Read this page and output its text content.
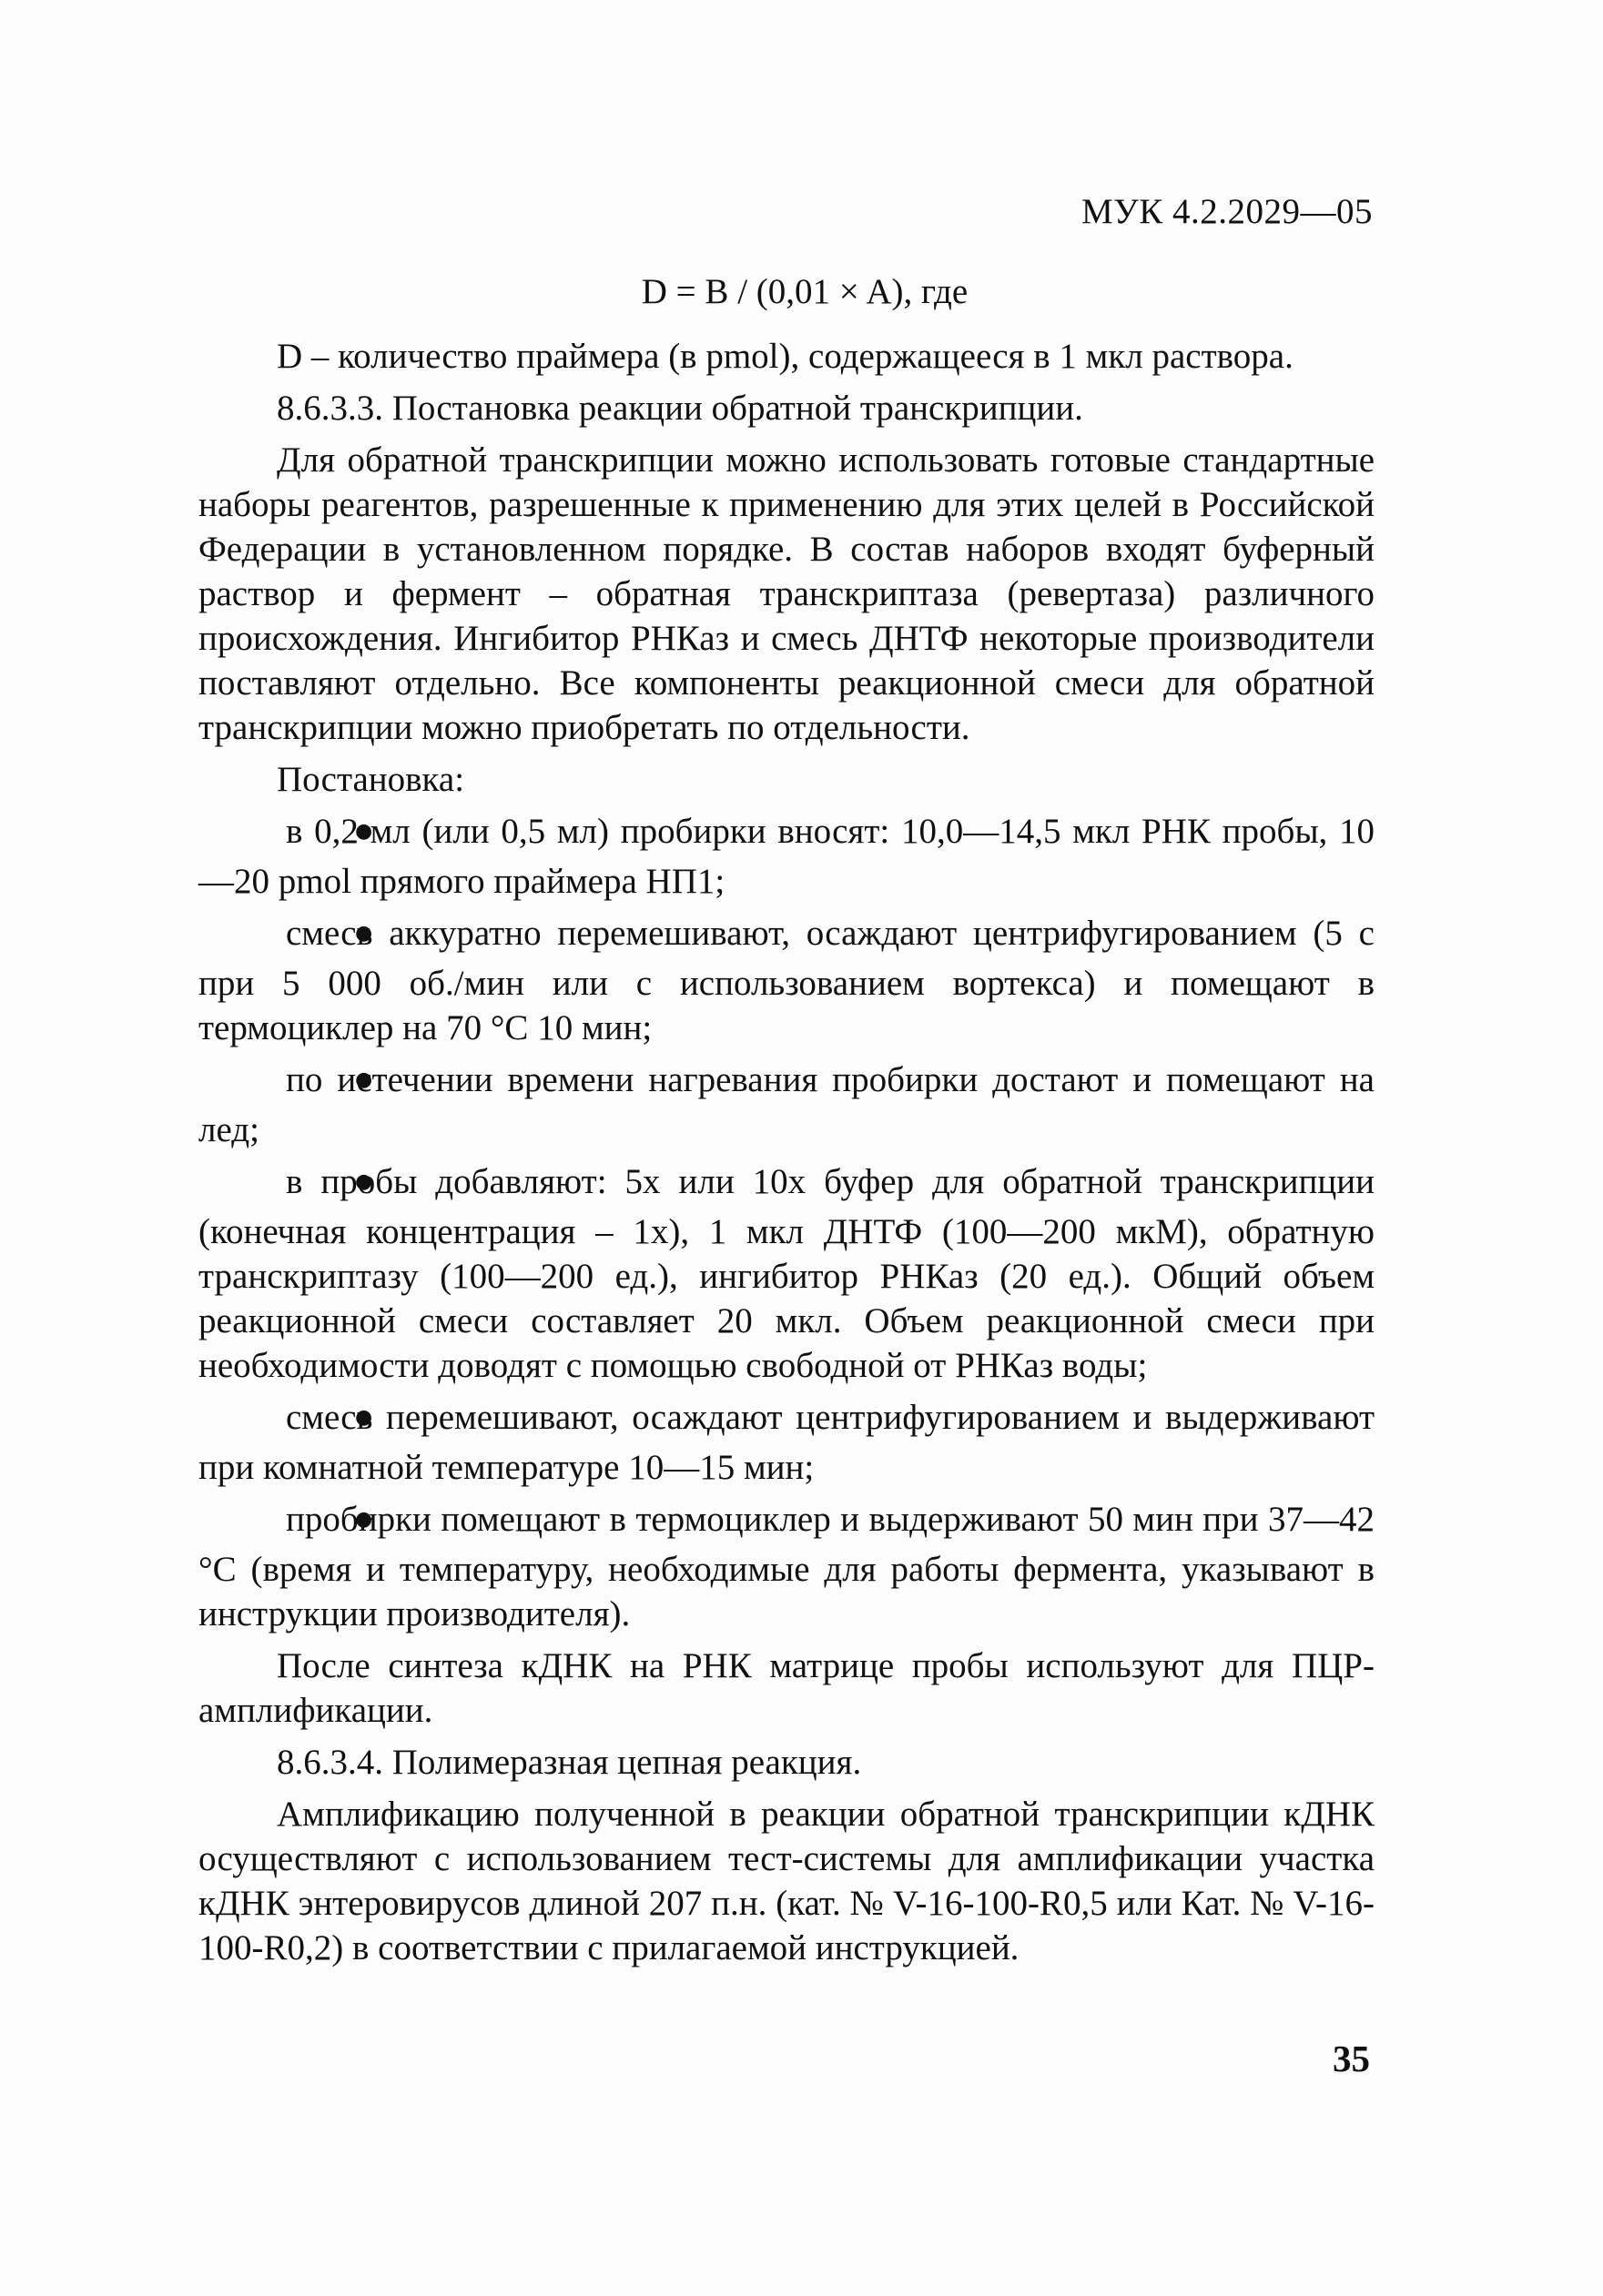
МУК 4.2.2029—05
D = B / (0,01 × A), где

D – количество праймера (в pmol), содержащееся в 1 мкл раствора.

8.6.3.3. Постановка реакции обратной транскрипции.

Для обратной транскрипции можно использовать готовые стандартные наборы реагентов, разрешенные к применению для этих целей в Российской Федерации в установленном порядке. В состав наборов входят буферный раствор и фермент – обратная транскриптаза (ревертаза) различного происхождения. Ингибитор РНКаз и смесь ДНТФ некоторые производители поставляют отдельно. Все компоненты реакционной смеси для обратной транскрипции можно приобретать по отдельности.

Постановка:

в 0,2 мл (или 0,5 мл) пробирки вносят: 10,0—14,5 мкл РНК пробы, 10—20 pmol прямого праймера НП1;
смесь аккуратно перемешивают, осаждают центрифугированием (5 с при 5 000 об./мин или с использованием вортекса) и помещают в термоциклер на 70 °С 10 мин;
по истечении времени нагревания пробирки достают и помещают на лед;
в пробы добавляют: 5х или 10х буфер для обратной транскрипции (конечная концентрация – 1х), 1 мкл ДНТФ (100—200 мкМ), обратную транскриптазу (100—200 ед.), ингибитор РНКаз (20 ед.). Общий объем реакционной смеси составляет 20 мкл. Объем реакционной смеси при необходимости доводят с помощью свободной от РНКаз воды;
смесь перемешивают, осаждают центрифугированием и выдерживают при комнатной температуре 10—15 мин;
пробирки помещают в термоциклер и выдерживают 50 мин при 37—42 °С (время и температуру, необходимые для работы фермента, указывают в инструкции производителя).

После синтеза кДНК на РНК матрице пробы используют для ПЦР-амплификации.

8.6.3.4. Полимеразная цепная реакция.

Амплификацию полученной в реакции обратной транскрипции кДНК осуществляют с использованием тест-системы для амплификации участка кДНК энтеровирусов длиной 207 п.н. (кат. № V-16-100-R0,5 или Кат. № V-16-100-R0,2) в соответствии с прилагаемой инструкцией.

35
